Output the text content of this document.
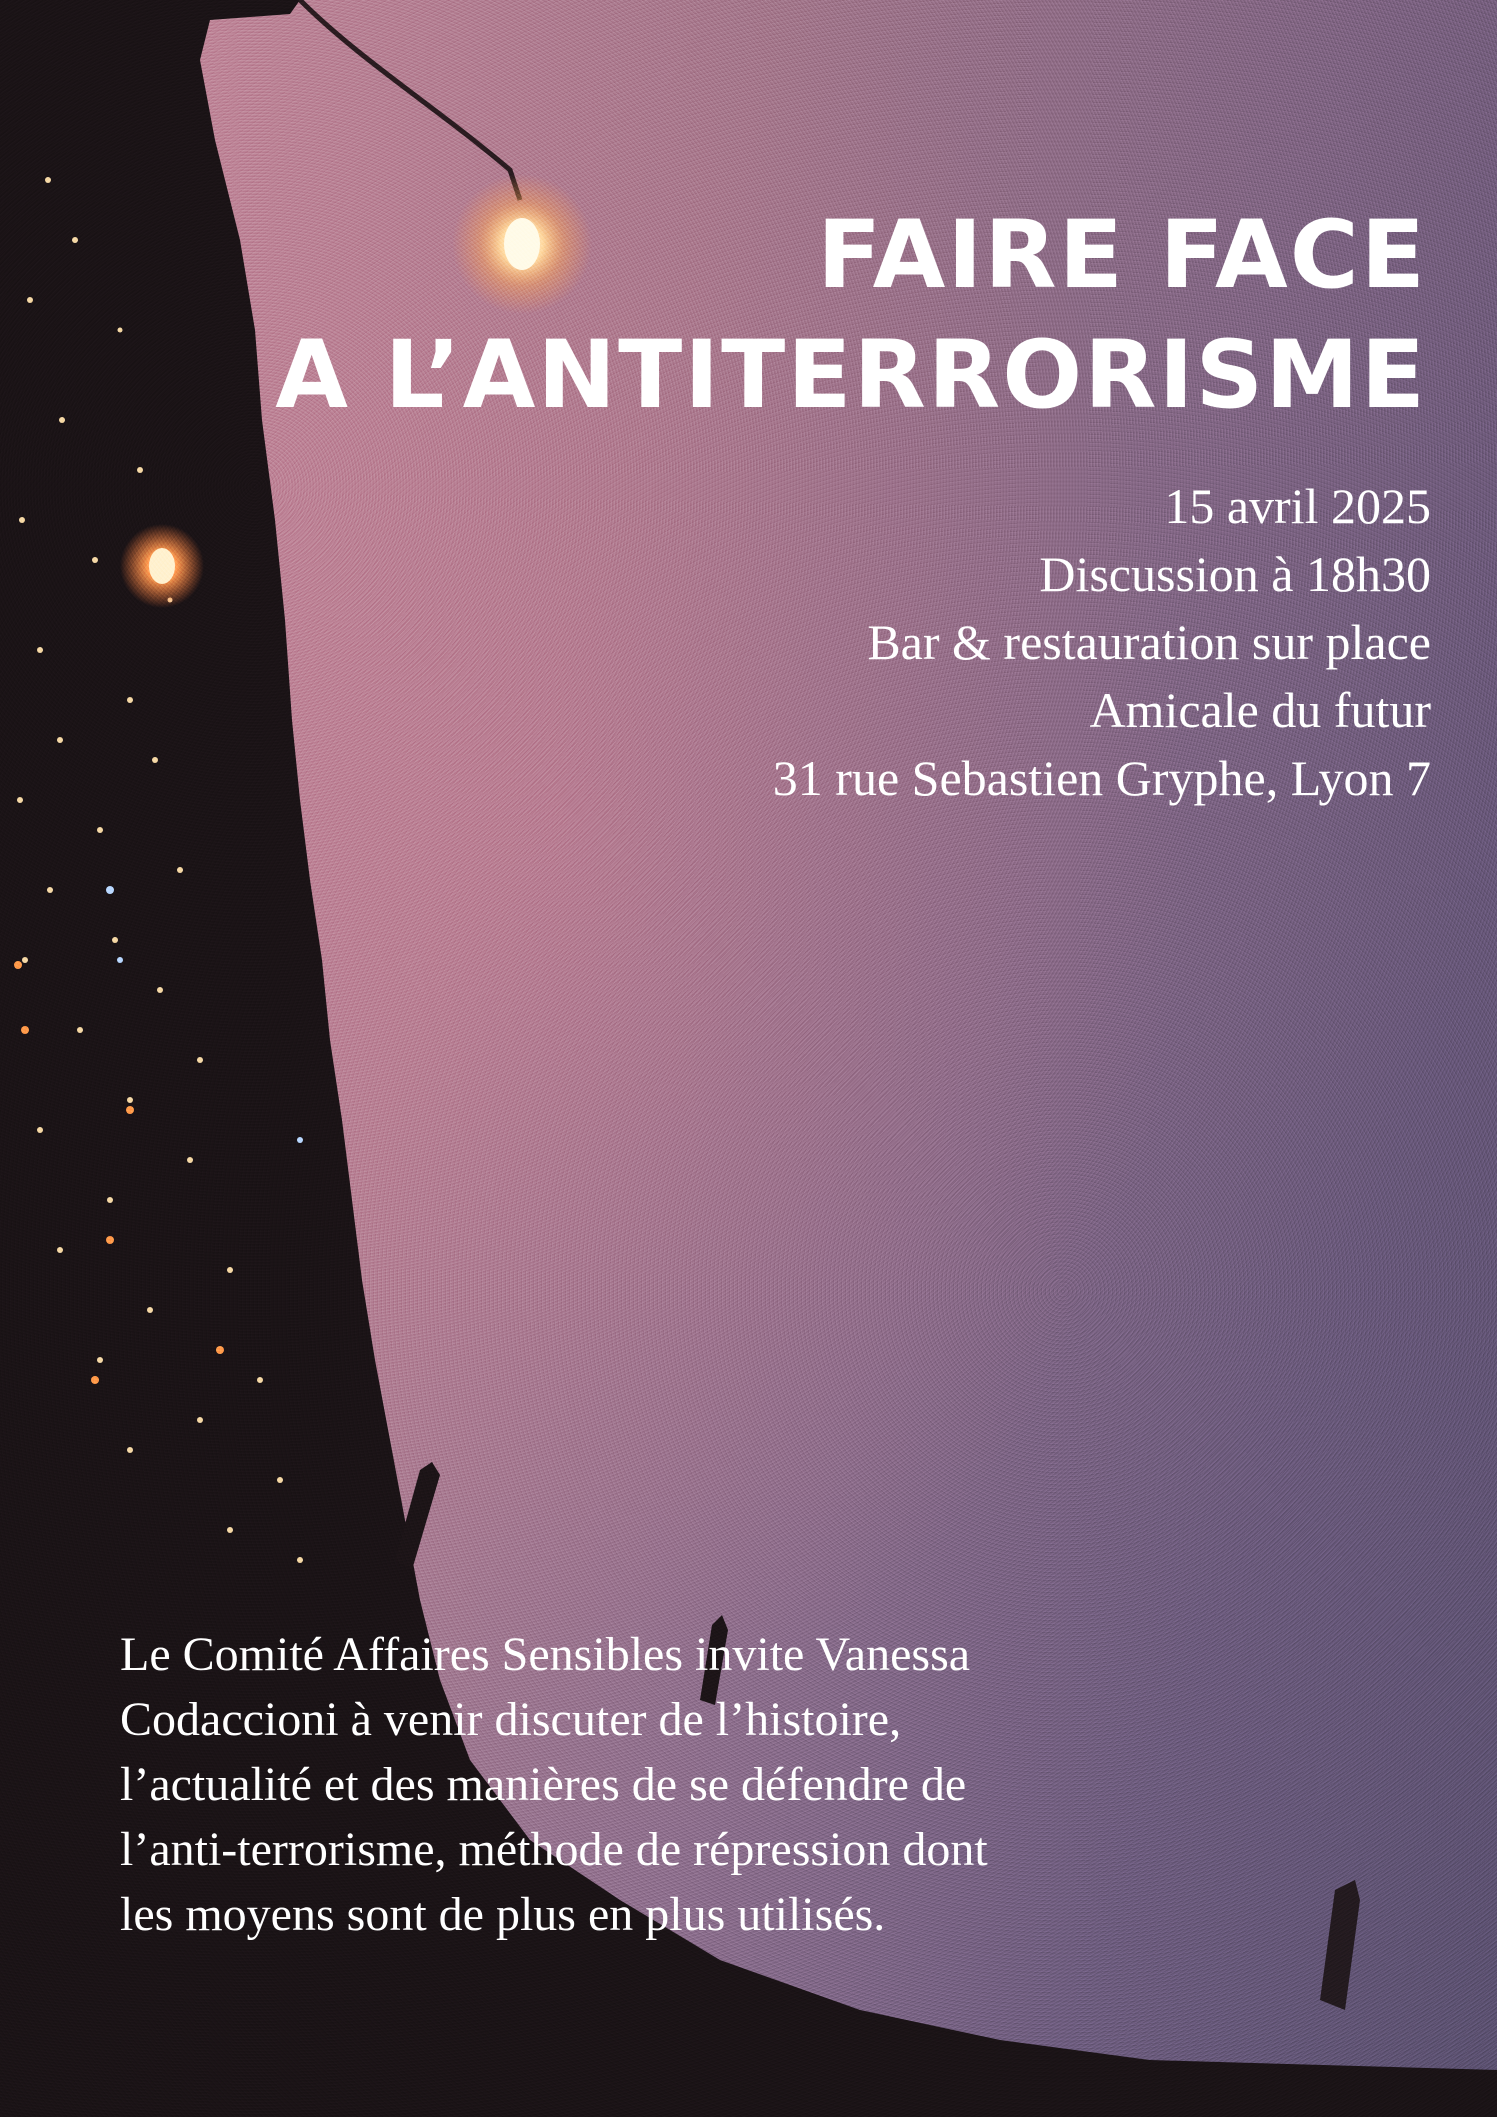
FAIRE FACE
A L’ANTITERRORISME
15 avril 2025
Discussion à 18h30
Bar & restauration sur place
Amicale du futur
31 rue Sebastien Gryphe, Lyon 7
Le Comité Affaires Sensibles invite Vanessa Codaccioni à venir discuter de l’histoire, l’actualité et des manières de se défendre de l’anti-terrorisme, méthode de répression dont les moyens sont de plus en plus utilisés.
